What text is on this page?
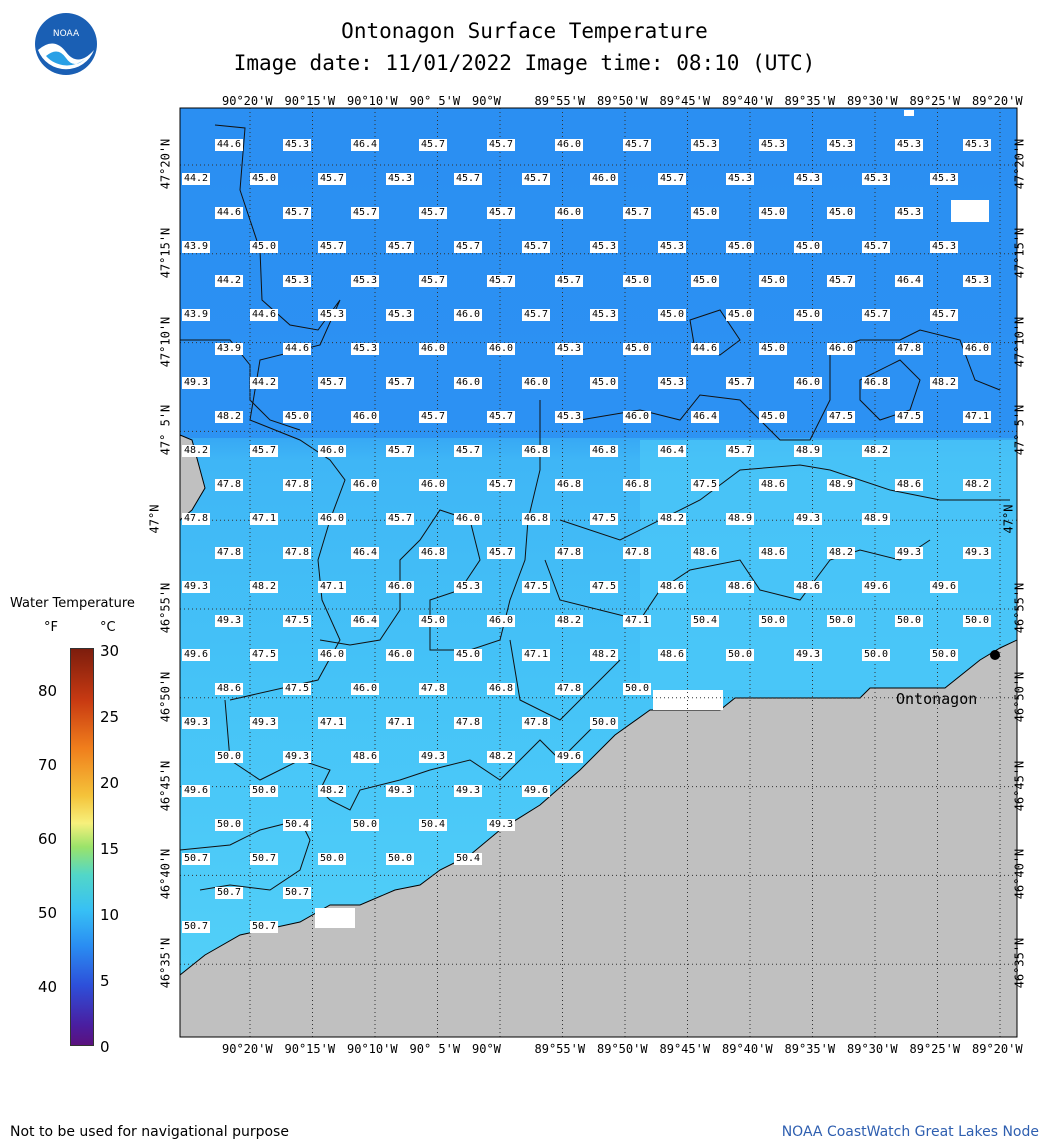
NOAA	Ontonagon Surface Temperature
Image date: 11/01/2022 Image time: 08:10 (UTC)
90°20'W 90°15'W 90°10'W 90° 5'W 90°W	89°55'W 89°50'W 89°45'W 89°40'W 89°35'W 89°30'W 89°25'W 89°20'W
90°20'W 90°15'W 90°10'W 90° 5'W 90°W	89°55'W 89°50'W 89°45'W 89°40'W 89°35'W 89°30'W 89°25'W 89°20'W
47°20'N
47°15'N
47°10'N
47° 5'N
47°N
46°55'N
46°50'N
46°45'N
46°40'N
46°35'N
47°20'N
47°15'N
47°10'N
47° 5'N
47°N
46°55'N
46°50'N
46°45'N
46°40'N
46°35'N
44.6	45.3	46.4	45.7	45.7	46.0	45.7	45.3	45.3	45.3	45.3	45.3
44.2	45.0	45.7	45.3	45.7	45.7	46.0	45.7	45.3	45.3	45.3	45.3
44.6	45.7	45.7	45.7	45.7	46.0	45.7	45.0	45.0	45.0	45.3
43.9	45.0	45.7	45.7	45.7	45.7	45.3	45.3	45.0	45.0	45.7	45.3
44.2	45.3	45.3	45.7	45.7	45.7	45.0	45.0	45.0	45.7	46.4	45.3
43.9	44.6	45.3	45.3	46.0	45.7	45.3	45.0	45.0	45.0	45.7	45.7
43.9	44.6	45.3	46.0	46.0	45.3	45.0	44.6	45.0	46.0	47.8	46.0
49.3	44.2	45.7	45.7	46.0	46.0	45.0	45.3	45.7	46.0	46.8	48.2
48.2	45.0	46.0	45.7	45.7	45.3	46.0	46.4	45.0	47.5	47.5	47.1
48.2	45.7	46.0	45.7	45.7	46.8	46.8	46.4	45.7	48.9	48.2
47.8	47.8	46.0	46.0	45.7	46.8	46.8	47.5	48.6	48.9	48.6	48.2
47.8	47.1	46.0	45.7	46.0	46.8	47.5	48.2	48.9	49.3	48.9
47.8	47.8	46.4	46.8	45.7	47.8	47.8	48.6	48.6	48.2	49.3	49.3
49.3	48.2	47.1	46.0	45.3	47.5	47.5	48.6	48.6	48.6	49.6	49.6
49.3	47.5	46.4	45.0	46.0	48.2	47.1	50.4	50.0	50.0	50.0	50.0
49.6	47.5	46.0	46.0	45.0	47.1	48.2	48.6	50.0	49.3	50.0	50.0
48.6	47.5	46.0	47.8	46.8	47.8	50.0
49.3	49.3	47.1	47.1	47.8	47.8	50.0
50.0	49.3	48.6	49.3	48.2	49.6
49.6	50.0	48.2	49.3	49.3	49.6
50.0	50.4	50.0	50.4	49.3
50.7	50.7	50.0	50.0	50.4
50.7	50.7
50.7	50.7
Ontonagon
Water Temperature
°F	°C
80
70
60
50
40
30
25
20
15
10
5
0
Not to be used for navigational purpose	NOAA CoastWatch Great Lakes Node
